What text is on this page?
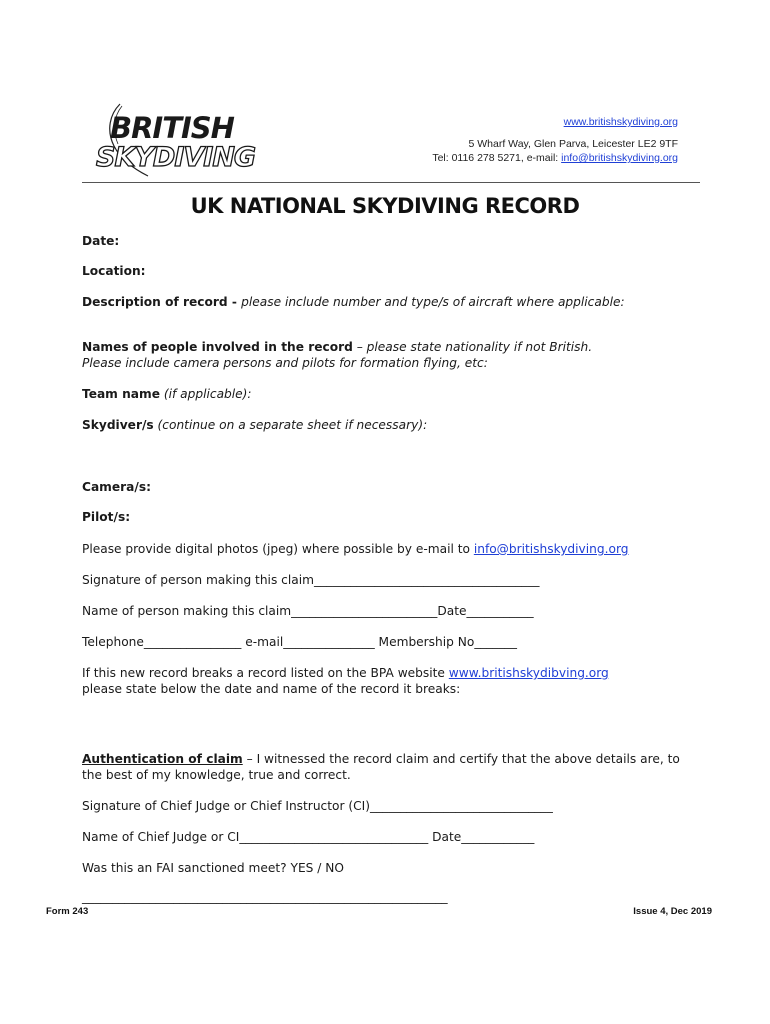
BRITISH
SKYDIVING
www.britishskydiving.org
5 Wharf Way, Glen Parva, Leicester LE2 9TF
Tel: 0116 278 5271, e-mail: info@britishskydiving.org
UK NATIONAL SKYDIVING RECORD
Date:
Location:
Description of record - please include number and type/s of aircraft where applicable:
Names of people involved in the record – please state nationality if not British.
Please include camera persons and pilots for formation flying, etc:
Team name (if applicable):
Skydiver/s (continue on a separate sheet if necessary):
Camera/s:
Pilot/s:
Please provide digital photos (jpeg) where possible by e-mail to info@britishskydiving.org
Signature of person making this claim_____________________________________
Name of person making this claim________________________Date___________
Telephone________________ e-mail_______________ Membership No_______
If this new record breaks a record listed on the BPA website www.britishskydibving.org
please state below the date and name of the record it breaks:
Authentication of claim – I witnessed the record claim and certify that the above details are, to
the best of my knowledge, true and correct.
Signature of Chief Judge or Chief Instructor (CI)______________________________
Name of Chief Judge or CI_______________________________ Date____________
Was this an FAI sanctioned meet? YES / NO
____________________________________________________________
Form 243	Issue 4, Dec 2019
